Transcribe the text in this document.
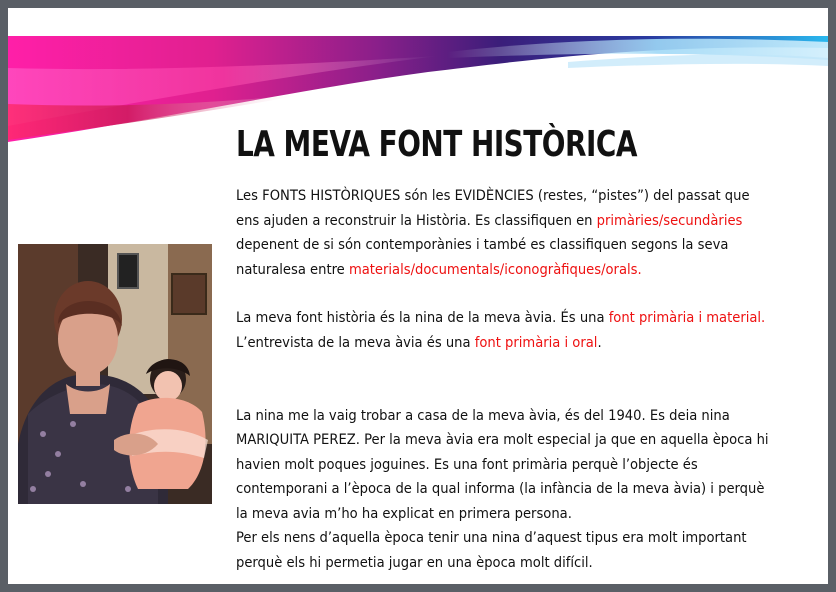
LA MEVA FONT HISTÒRICA

Les FONTS HISTÒRIQUES són les EVIDÈNCIES (restes, “pistes”) del passat que ens ajuden a reconstruir la Història. Es classifiquen en primàries/secundàries depenent de si són contemporànies i també es classifiquen segons la seva naturalesa entre materials/documentals/iconogràfiques/orals.

La meva font història és la nina de la meva àvia. És una font primària i material. L’entrevista de la meva àvia és una font primària i oral.

La nina me la vaig trobar a casa de la meva àvia, és del 1940. Es deia nina MARIQUITA PEREZ. Per la meva àvia era molt especial ja que en aquella època hi havien molt poques joguines. Es una font primària perquè l’objecte és contemporani a l’època de la qual informa (la infància de la meva àvia) i perquè la meva avia m’ho ha explicat en primera persona.
Per els nens d’aquella època tenir una nina d’aquest tipus era molt important perquè els hi permetia jugar en una època molt difícil.
